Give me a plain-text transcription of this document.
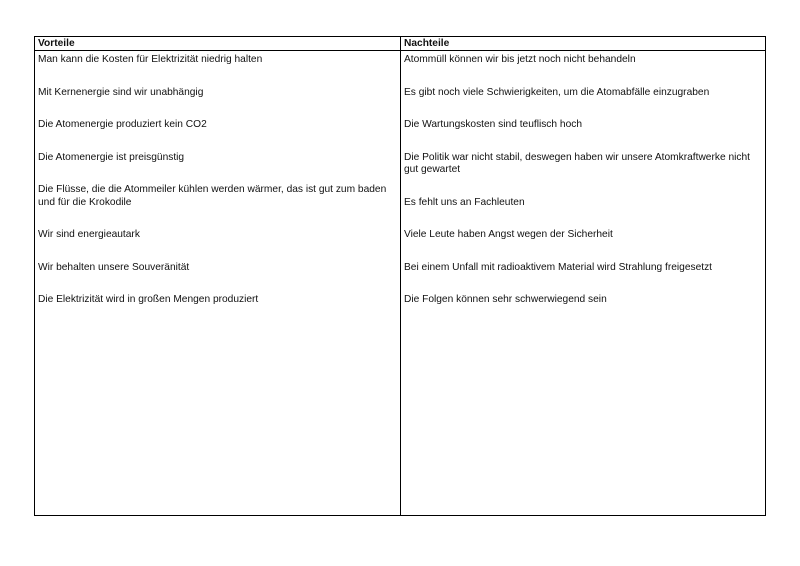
Vorteile
Man kann die Kosten für Elektrizität niedrig halten
Mit Kernenergie sind wir unabhängig
Die Atomenergie produziert kein CO2
Die Atomenergie ist preisgünstig
Die Flüsse, die die Atommeiler kühlen werden wärmer, das ist gut zum baden und für die Krokodile
Wir sind energieautark
Wir behalten unsere Souveränität
Die Elektrizität wird in großen Mengen produziert
Nachteile
Atommüll können wir bis jetzt noch nicht behandeln
Es gibt noch viele Schwierigkeiten, um die Atomabfälle einzugraben
Die Wartungskosten sind teuflisch hoch
Die Politik war nicht stabil, deswegen haben wir unsere Atomkraftwerke nicht gut gewartet
Es fehlt uns an Fachleuten
Viele Leute haben Angst wegen der Sicherheit
Bei einem Unfall mit radioaktivem Material wird Strahlung freigesetzt
Die Folgen können sehr schwerwiegend sein
